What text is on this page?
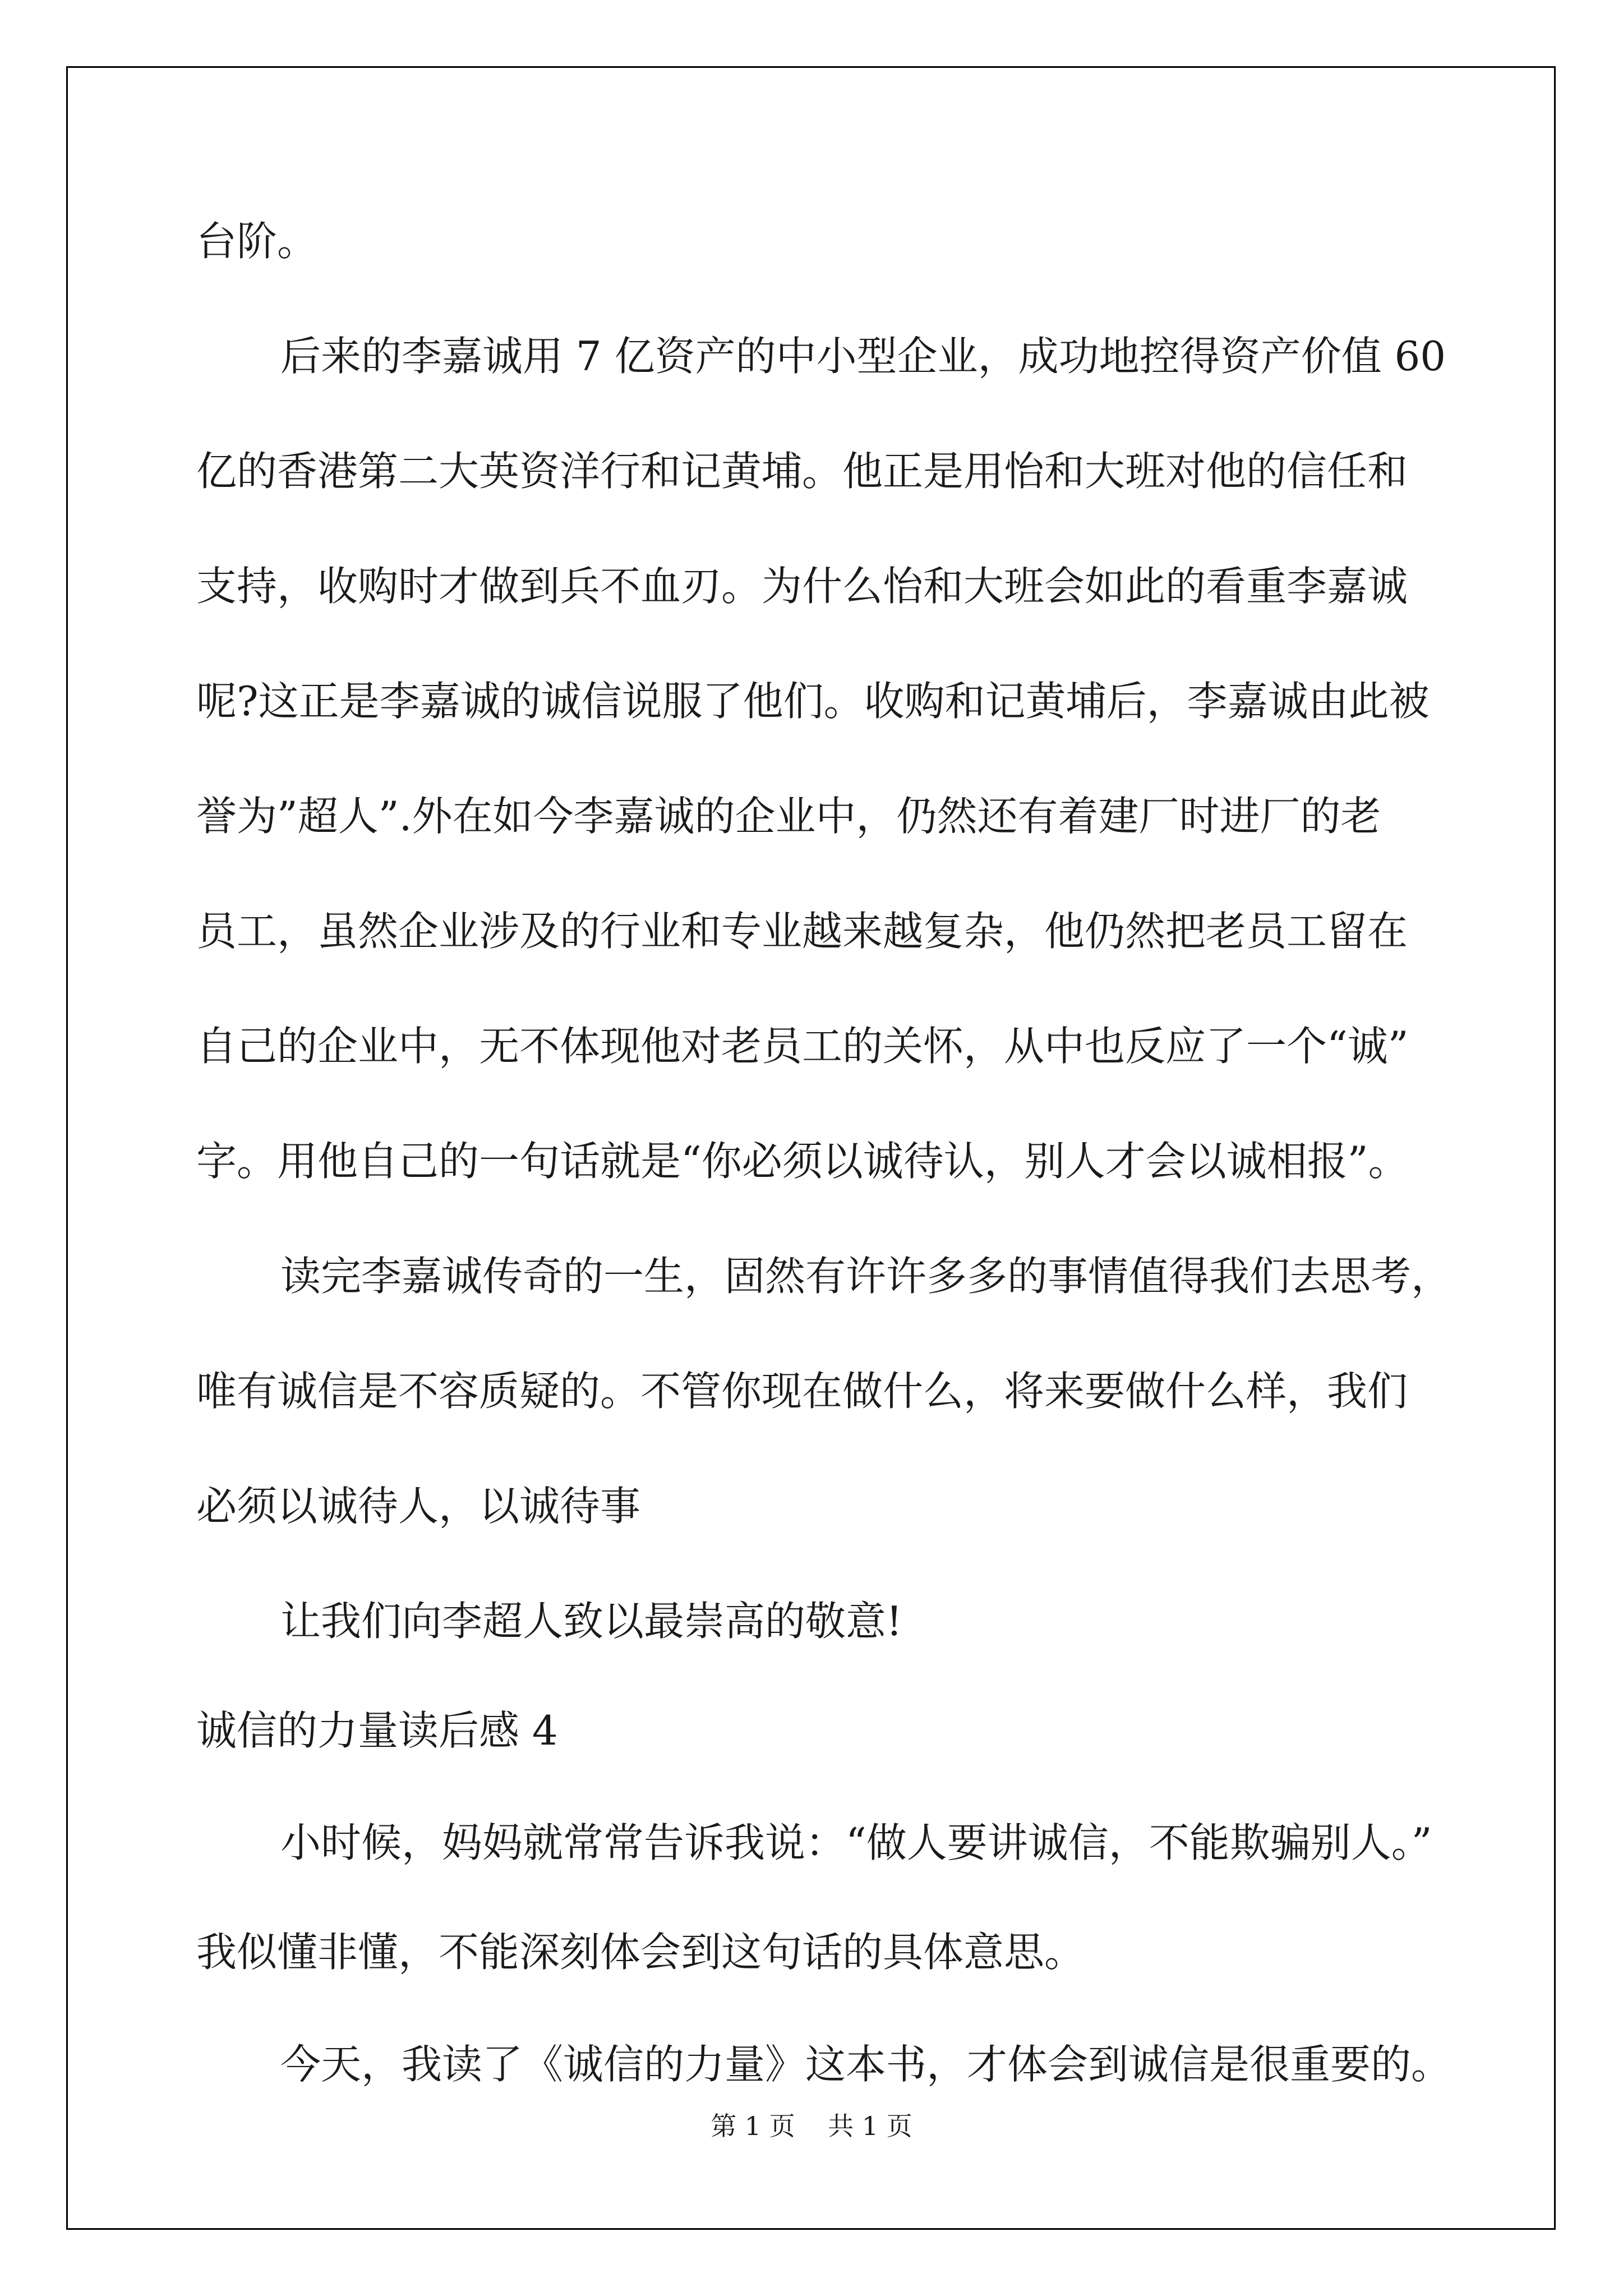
台阶。
后来的李嘉诚用 7 亿资产的中小型企业，成功地控得资产价值 60
亿的香港第二大英资洋行和记黄埔。他正是用怡和大班对他的信任和
支持，收购时才做到兵不血刃。为什么怡和大班会如此的看重李嘉诚
呢?这正是李嘉诚的诚信说服了他们。收购和记黄埔后，李嘉诚由此被
誉为”超人”.外在如今李嘉诚的企业中，仍然还有着建厂时进厂的老
员工，虽然企业涉及的行业和专业越来越复杂，他仍然把老员工留在
自己的企业中，无不体现他对老员工的关怀，从中也反应了一个“诚”
字。用他自己的一句话就是“你必须以诚待认，别人才会以诚相报”。
读完李嘉诚传奇的一生，固然有许许多多的事情值得我们去思考，
唯有诚信是不容质疑的。不管你现在做什么，将来要做什么样，我们
必须以诚待人，以诚待事
让我们向李超人致以最崇高的敬意!
诚信的力量读后感 4
小时候，妈妈就常常告诉我说：“做人要讲诚信，不能欺骗别人。”
我似懂非懂，不能深刻体会到这句话的具体意思。
今天，我读了《诚信的力量》这本书，才体会到诚信是很重要的。
第 1 页    共 1 页
